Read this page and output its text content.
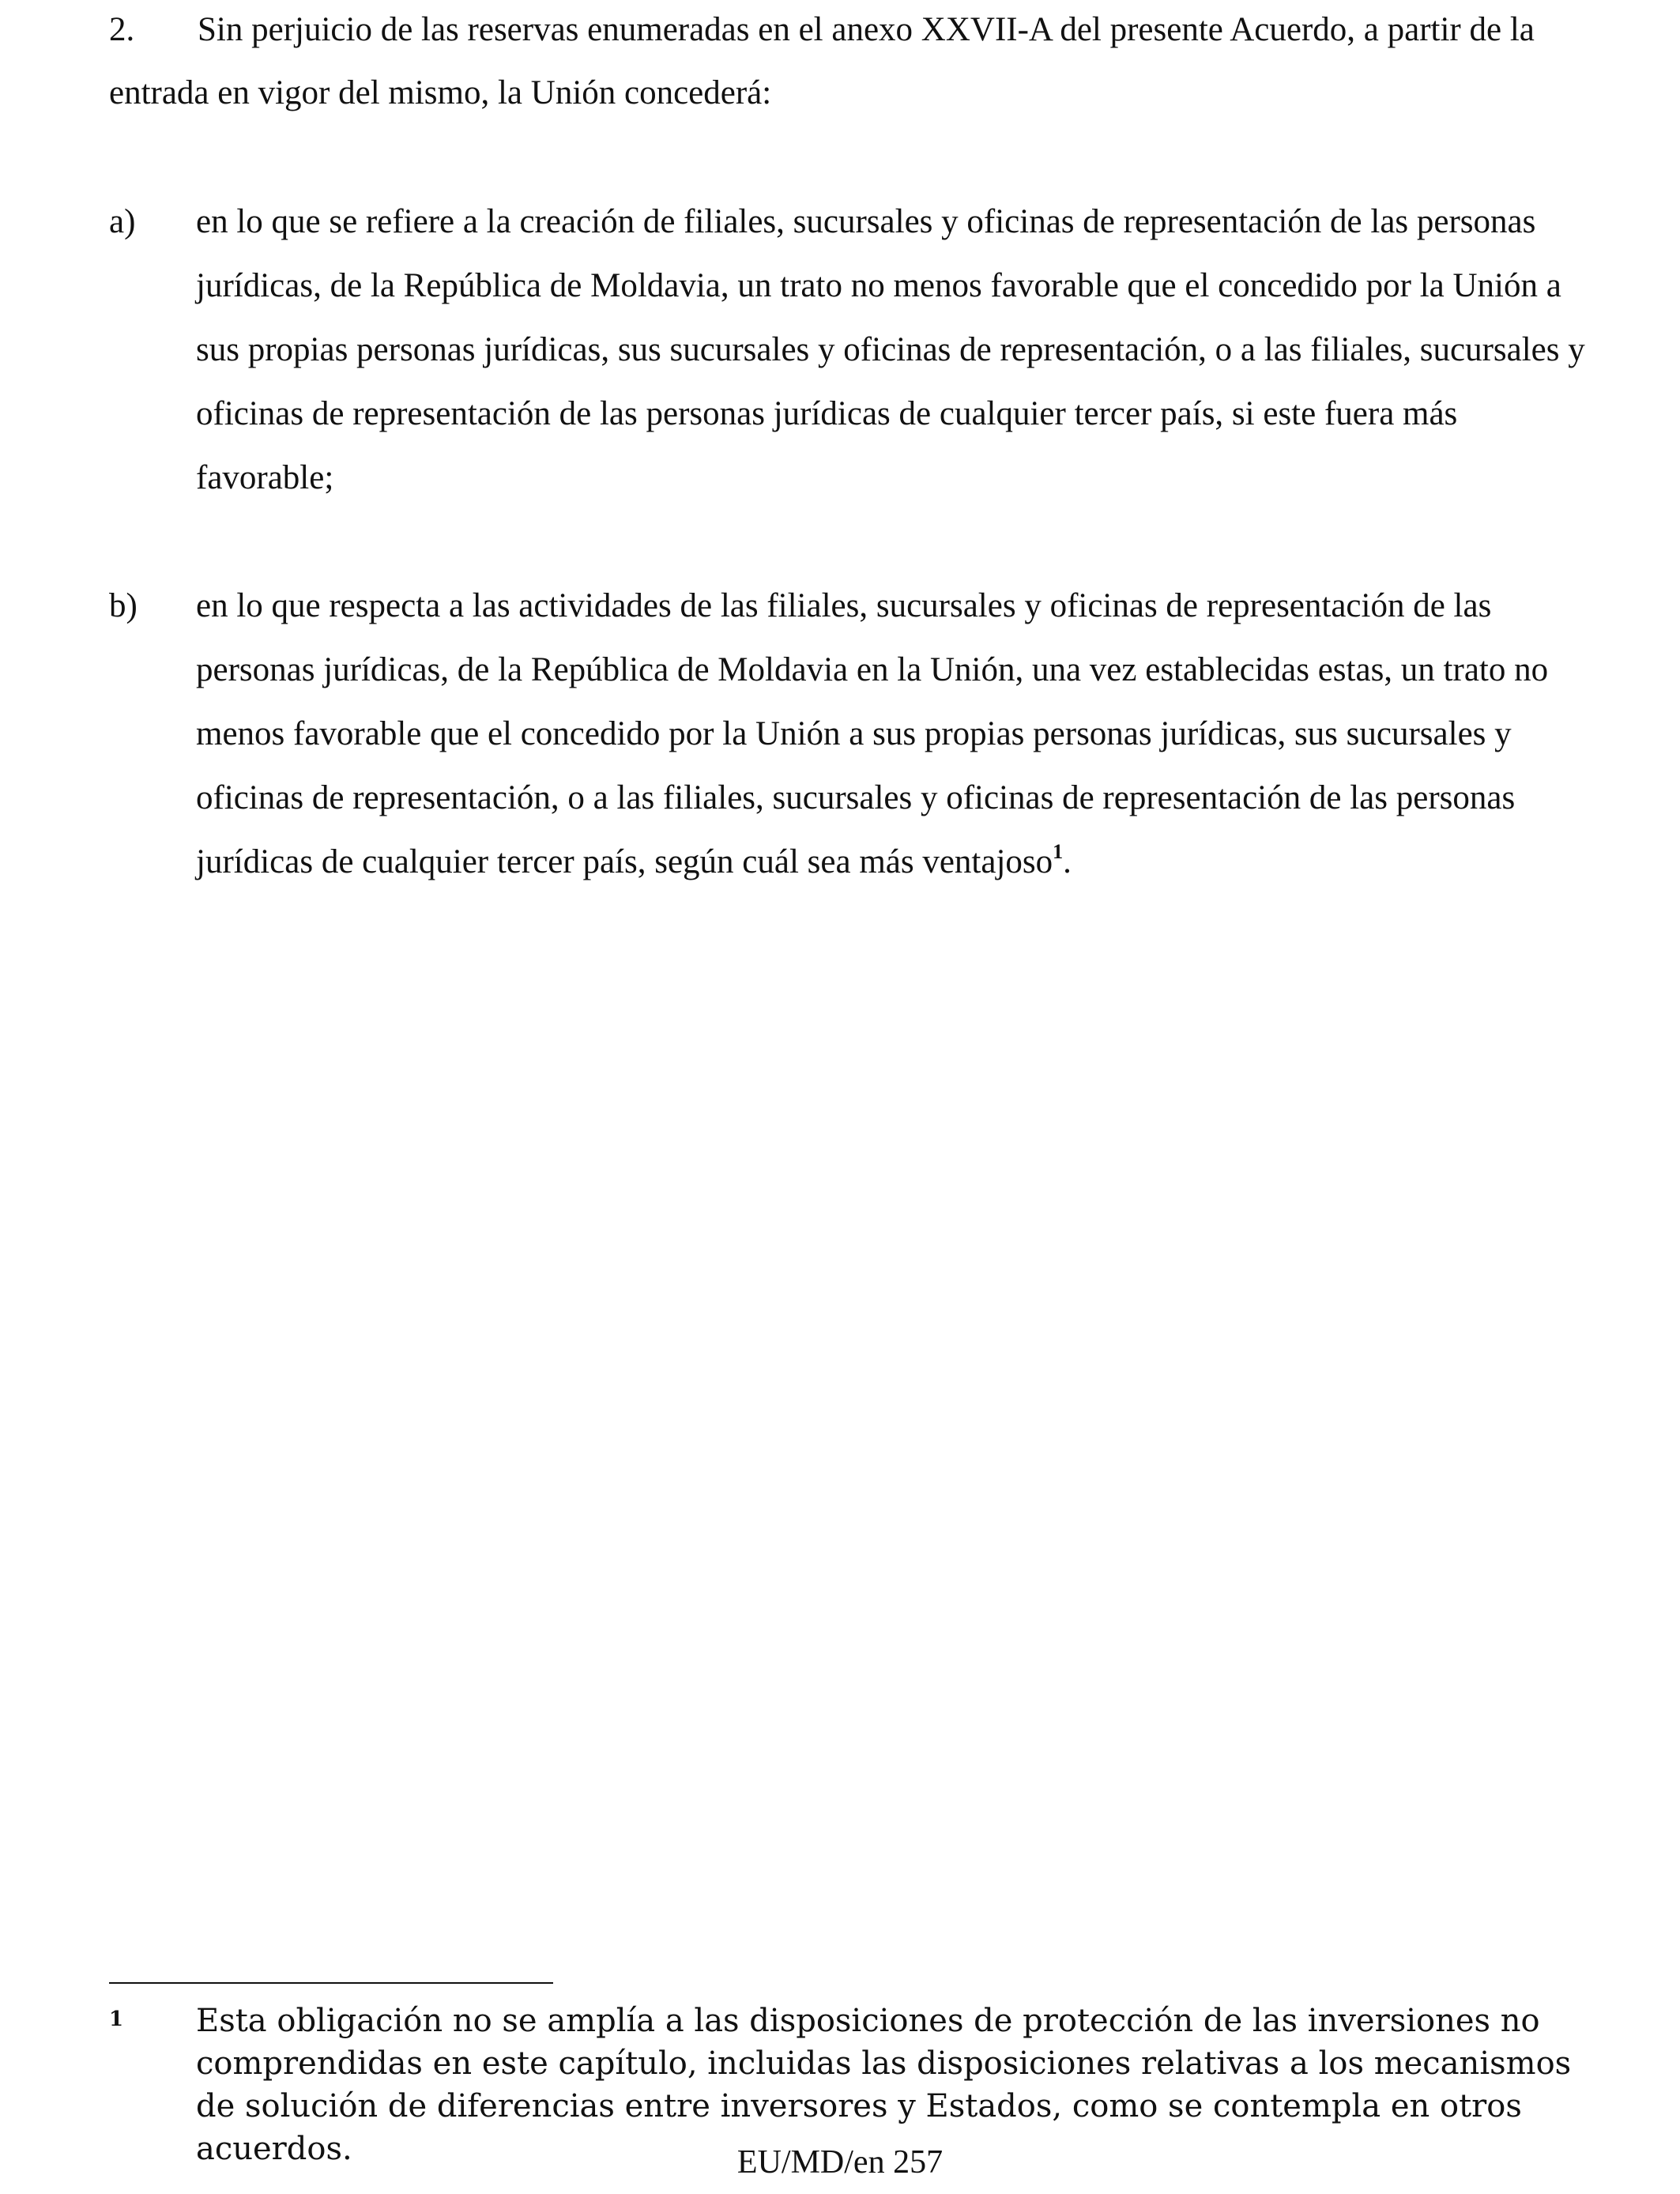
2. Sin perjuicio de las reservas enumeradas en el anexo XXVII-A del presente Acuerdo, a partir de la entrada en vigor del mismo, la Unión concederá:
a)	en lo que se refiere a la creación de filiales, sucursales y oficinas de representación de las personas jurídicas, de la República de Moldavia, un trato no menos favorable que el concedido por la Unión a sus propias personas jurídicas, sus sucursales y oficinas de representación, o a las filiales, sucursales y oficinas de representación de las personas jurídicas de cualquier tercer país, si este fuera más favorable;
b)	en lo que respecta a las actividades de las filiales, sucursales y oficinas de representación de las personas jurídicas, de la República de Moldavia en la Unión, una vez establecidas estas, un trato no menos favorable que el concedido por la Unión a sus propias personas jurídicas, sus sucursales y oficinas de representación, o a las filiales, sucursales y oficinas de representación de las personas jurídicas de cualquier tercer país, según cuál sea más ventajoso$^1$.
1 Esta obligación no se amplía a las disposiciones de protección de las inversiones no comprendidas en este capítulo, incluidas las disposiciones relativas a los mecanismos de solución de diferencias entre inversores y Estados, como se contempla en otros acuerdos.	EU/MD/en 257
